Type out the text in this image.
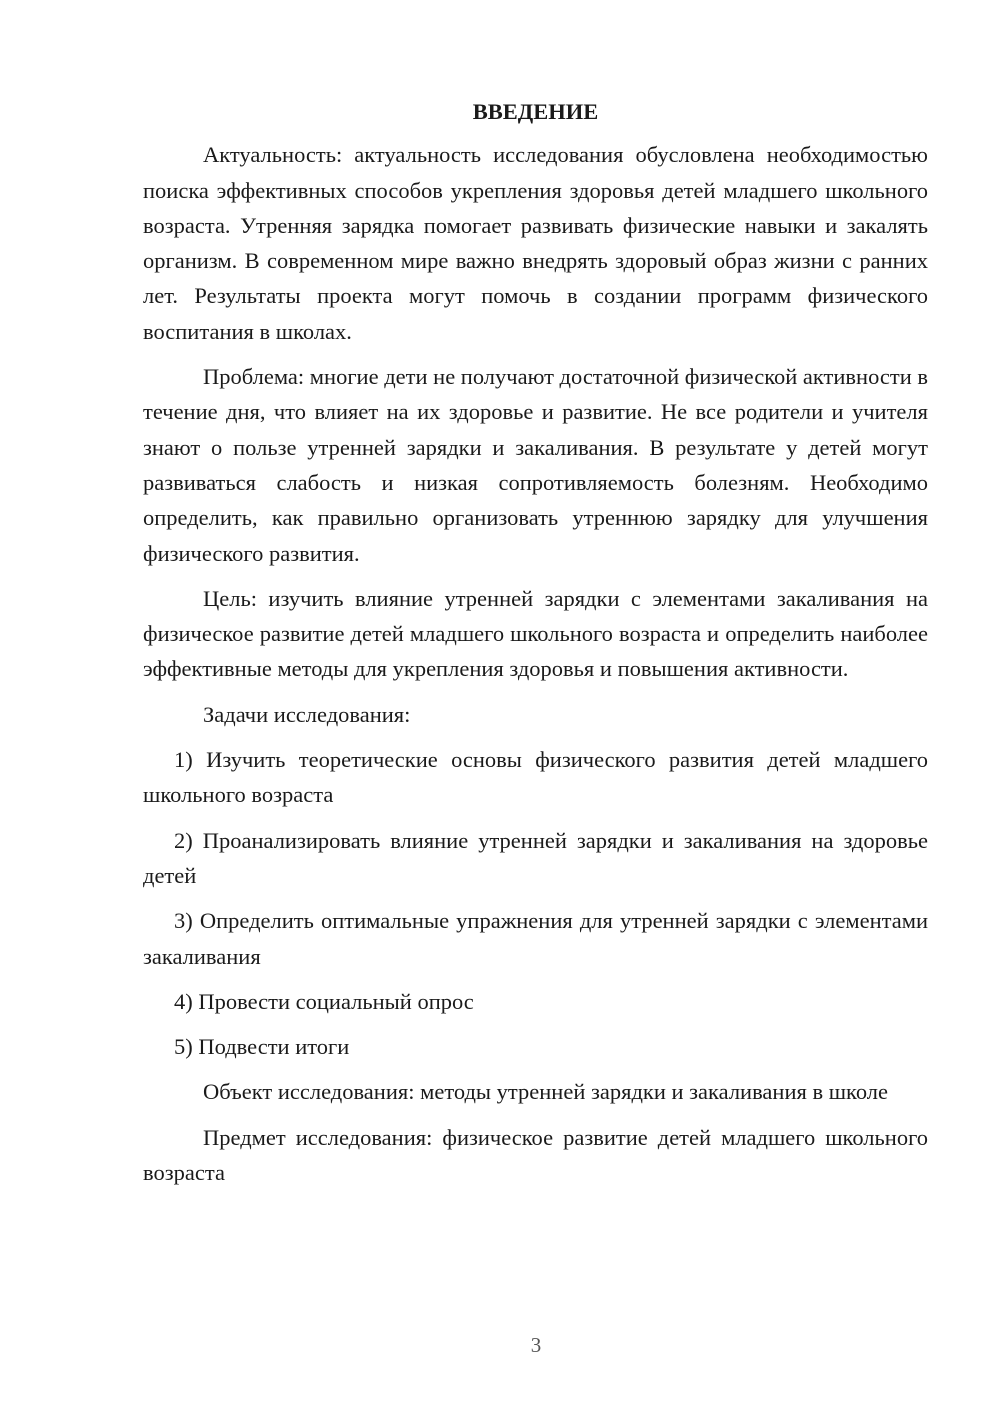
ВВЕДЕНИЕ

Актуальность: актуальность исследования обусловлена необходимостью поиска эффективных способов укрепления здоровья детей младшего школьного возраста. Утренняя зарядка помогает развивать физические навыки и закалять организм. В современном мире важно внедрять здоровый образ жизни с ранних лет. Результаты проекта могут помочь в создании программ физического воспитания в школах.

Проблема: многие дети не получают достаточной физической активности в течение дня, что влияет на их здоровье и развитие. Не все родители и учителя знают о пользе утренней зарядки и закаливания. В результате у детей могут развиваться слабость и низкая сопротивляемость болезням. Необходимо определить, как правильно организовать утреннюю зарядку для улучшения физического развития.

Цель: изучить влияние утренней зарядки с элементами закаливания на физическое развитие детей младшего школьного возраста и определить наиболее эффективные методы для укрепления здоровья и повышения активности.

Задачи исследования:

1) Изучить теоретические основы физического развития детей младшего школьного возраста

2) Проанализировать влияние утренней зарядки и закаливания на здоровье детей

3) Определить оптимальные упражнения для утренней зарядки с элементами закаливания

4) Провести социальный опрос

5) Подвести итоги

Объект исследования: методы утренней зарядки и закаливания в школе

Предмет исследования: физическое развитие детей младшего школьного возраста

3
